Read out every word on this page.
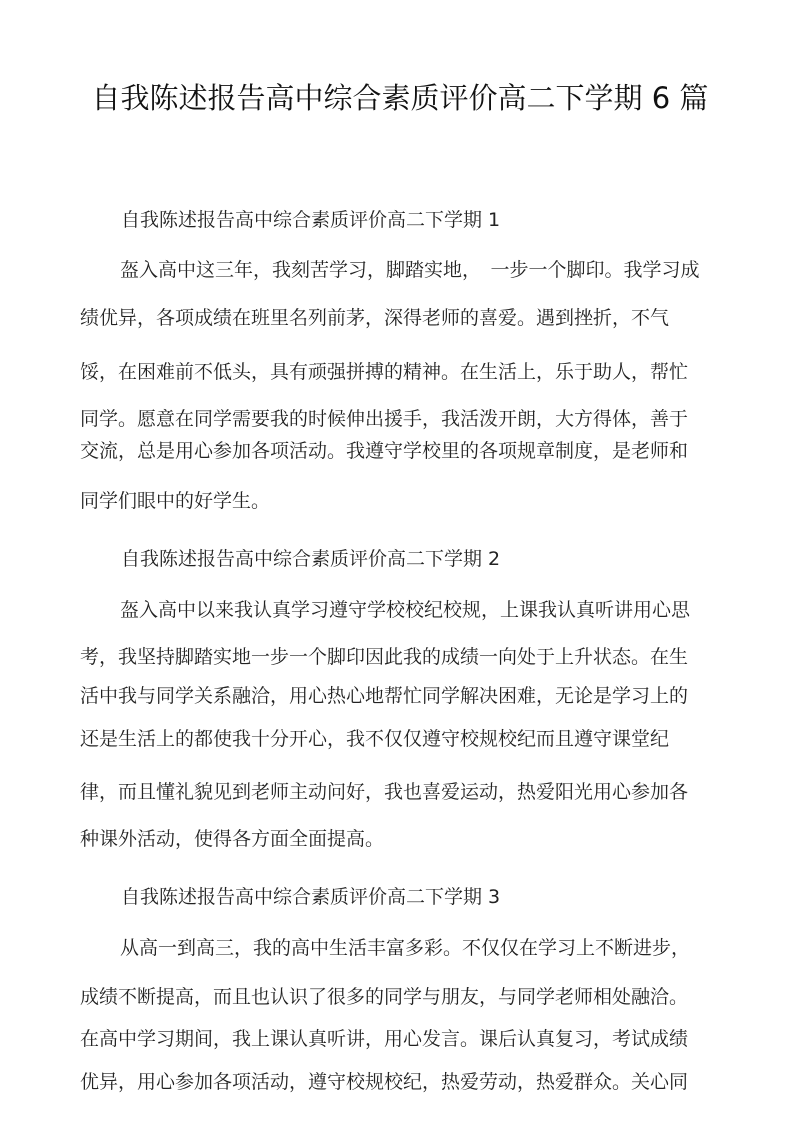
自我陈述报告高中综合素质评价高二下学期 6 篇
自我陈述报告高中综合素质评价高二下学期 1
盔入高中这三年，我刻苦学习，脚踏实地，　一步一个脚印。我学习成
绩优异，各项成绩在班里名列前茅，深得老师的喜爱。遇到挫折，不气
馁，在困难前不低头，具有顽强拼搏的精神。在生活上，乐于助人，帮忙
同学。愿意在同学需要我的时候伸出援手，我活泼开朗，大方得体，善于
交流，总是用心参加各项活动。我遵守学校里的各项规章制度，是老师和
同学们眼中的好学生。
自我陈述报告高中综合素质评价高二下学期 2
盔入高中以来我认真学习遵守学校校纪校规，上课我认真听讲用心思
考，我坚持脚踏实地一步一个脚印因此我的成绩一向处于上升状态。在生
活中我与同学关系融洽，用心热心地帮忙同学解决困难，无论是学习上的
还是生活上的都使我十分开心，我不仅仅遵守校规校纪而且遵守课堂纪
律，而且懂礼貌见到老师主动问好，我也喜爱运动，热爱阳光用心参加各
种课外活动，使得各方面全面提高。
自我陈述报告高中综合素质评价高二下学期 3
从高一到高三，我的高中生活丰富多彩。不仅仅在学习上不断进步，
成绩不断提高，而且也认识了很多的同学与朋友，与同学老师相处融洽。
在高中学习期间，我上课认真听讲，用心发言。课后认真复习，考试成绩
优异，用心参加各项活动，遵守校规校纪，热爱劳动，热爱群众。关心同
